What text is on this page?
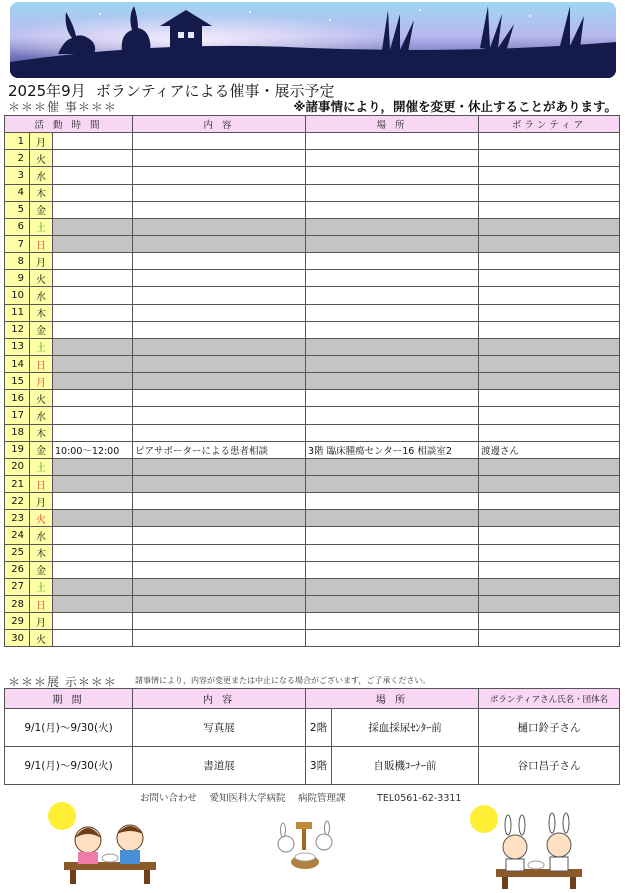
2025年9月 ボランティアによる催事・展示予定
＊＊＊催 事＊＊＊	※諸事情により，開催を変更・休止することがあります。
活 動 時 間			内 容	場 所	ボランティア
1	月				
2	火				
3	水				
4	木				
5	金				
6	土				
7	日				
8	月				
9	火				
10	水				
11	木				
12	金				
13	土				
14	日				
15	月				
16	火				
17	水				
18	木				
19	金	10:00～12:00	ピアサポーターによる患者相談	3階 臨床腫瘍センター16 相談室2	渡邊さん
20	土				
21	日				
22	月				
23	火				
24	水				
25	木				
26	金				
27	土				
28	日				
29	月				
30	火				
＊＊＊展 示＊＊＊ 諸事情により，内容が変更または中止になる場合がございます，ご了承ください。
期 間	内 容	場 所		ボランティアさん氏名・団体名
9/1(月)～9/30(火)	写真展	2階	採血採尿ｾﾝﾀｰ前	樋口鈴子さん
9/1(月)～9/30(火)	書道展	3階	自販機ｺｰﾅｰ前	谷口昌子さん
お問い合わせ　 愛知医科大学病院　 病院管理課　　　 TEL0561-62-3311
